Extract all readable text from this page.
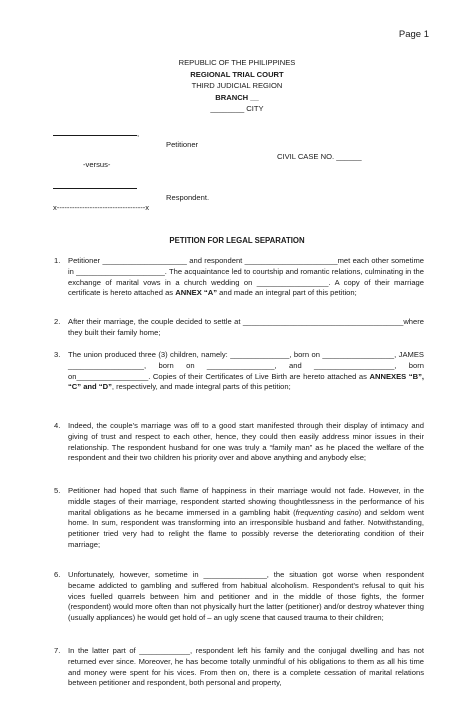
Page 1
REPUBLIC OF THE PHILIPPINES
REGIONAL TRIAL COURT
THIRD JUDICIAL REGION
BRANCH __
________ CITY
,
Petitioner
CIVIL CASE NO. ______
-versus-
Respondent.
x-----------------------------------x
PETITION FOR LEGAL SEPARATION
1. Petitioner ____________________ and respondent ______________________met each other sometime in _____________________. The acquaintance led to courtship and romantic relations, culminating in the exchange of marital vows in a church wedding on _________________. A copy of their marriage certificate is hereto attached as ANNEX “A” and made an integral part of this petition;
2. After their marriage, the couple decided to settle at ______________________________________where they built their family home;
3. The union produced three (3) children, namely: ______________, born on _________________, JAMES __________________, born on ________________, and ___________________, born on_________________. Copies of their Certificates of Live Birth are hereto attached as ANNEXES “B”, “C” and “D”, respectively, and made integral parts of this petition;
4. Indeed, the couple’s marriage was off to a good start manifested through their display of intimacy and giving of trust and respect to each other, hence, they could then easily address minor issues in their relationship. The respondent husband for one was truly a “family man” as he placed the welfare of the respondent and their two children his priority over and above anything and anybody else;
5. Petitioner had hoped that such flame of happiness in their marriage would not fade. However, in the middle stages of their marriage, respondent started showing thoughtlessness in the performance of his marital obligations as he became immersed in a gambling habit (frequenting casino) and seldom went home. In sum, respondent was transforming into an irresponsible husband and father. Notwithstanding, petitioner tried very had to relight the flame to possibly reverse the deteriorating condition of their marriage;
6. Unfortunately, however, sometime in _______________, the situation got worse when respondent became addicted to gambling and suffered from habitual alcoholism. Respondent’s refusal to quit his vices fuelled quarrels between him and petitioner and in the middle of those fights, the former (respondent) would more often than not physically hurt the latter (petitioner) and/or destroy whatever thing (usually appliances) he would get hold of – an ugly scene that caused trauma to their children;
7. In the latter part of ____________, respondent left his family and the conjugal dwelling and has not returned ever since. Moreover, he has become totally unmindful of his obligations to them as all his time and money were spent for his vices. From then on, there is a complete cessation of marital relations between petitioner and respondent, both personal and property,
